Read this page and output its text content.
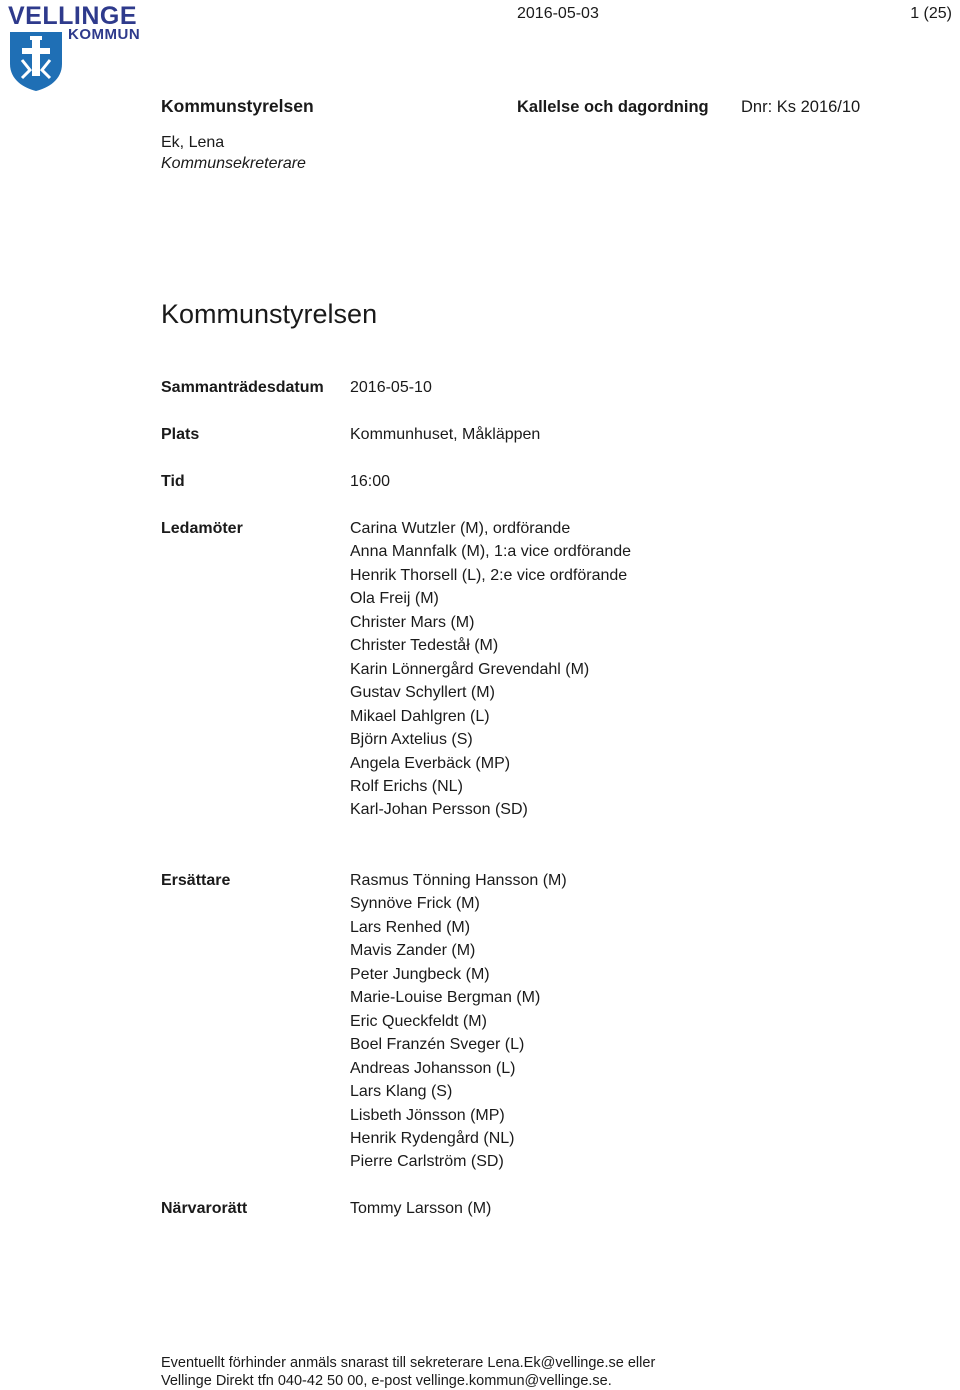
VELLINGE
KOMMUN
2016-05-03	1 (25)
Kommunstyrelsen	Kallelse och dagordning Dnr: Ks 2016/10
Ek, Lena
Kommunsekreterare
Kommunstyrelsen
Sammanträdesdatum 2016-05-10
Plats	Kommunhuset, Måkläppen
Tid	16:00
Ledamöter	Carina Wutzler (M), ordförande
Anna Mannfalk (M), 1:a vice ordförande
Henrik Thorsell (L), 2:e vice ordförande
Ola Freij (M)
Christer Mars (M)
Christer Tedeståł (M)
Karin Lönnergård Grevendahl (M)
Gustav Schyllert (M)
Mikael Dahlgren (L)
Björn Axtelius (S)
Angela Everbäck (MP)
Rolf Erichs (NL)
Karl-Johan Persson (SD)
Ersättare	Rasmus Tönning Hansson (M)
Synnöve Frick (M)
Lars Renhed (M)
Mavis Zander (M)
Peter Jungbeck (M)
Marie-Louise Bergman (M)
Eric Queckfeldt (M)
Boel Franzén Sveger (L)
Andreas Johansson (L)
Lars Klang (S)
Lisbeth Jönsson (MP)
Henrik Rydengård (NL)
Pierre Carlström (SD)
Närvarorätt	Tommy Larsson (M)
Eventuellt förhinder anmäls snarast till sekreterare Lena.Ek@vellinge.se eller
Vellinge Direkt tfn 040-42 50 00, e-post vellinge.kommun@vellinge.se.
